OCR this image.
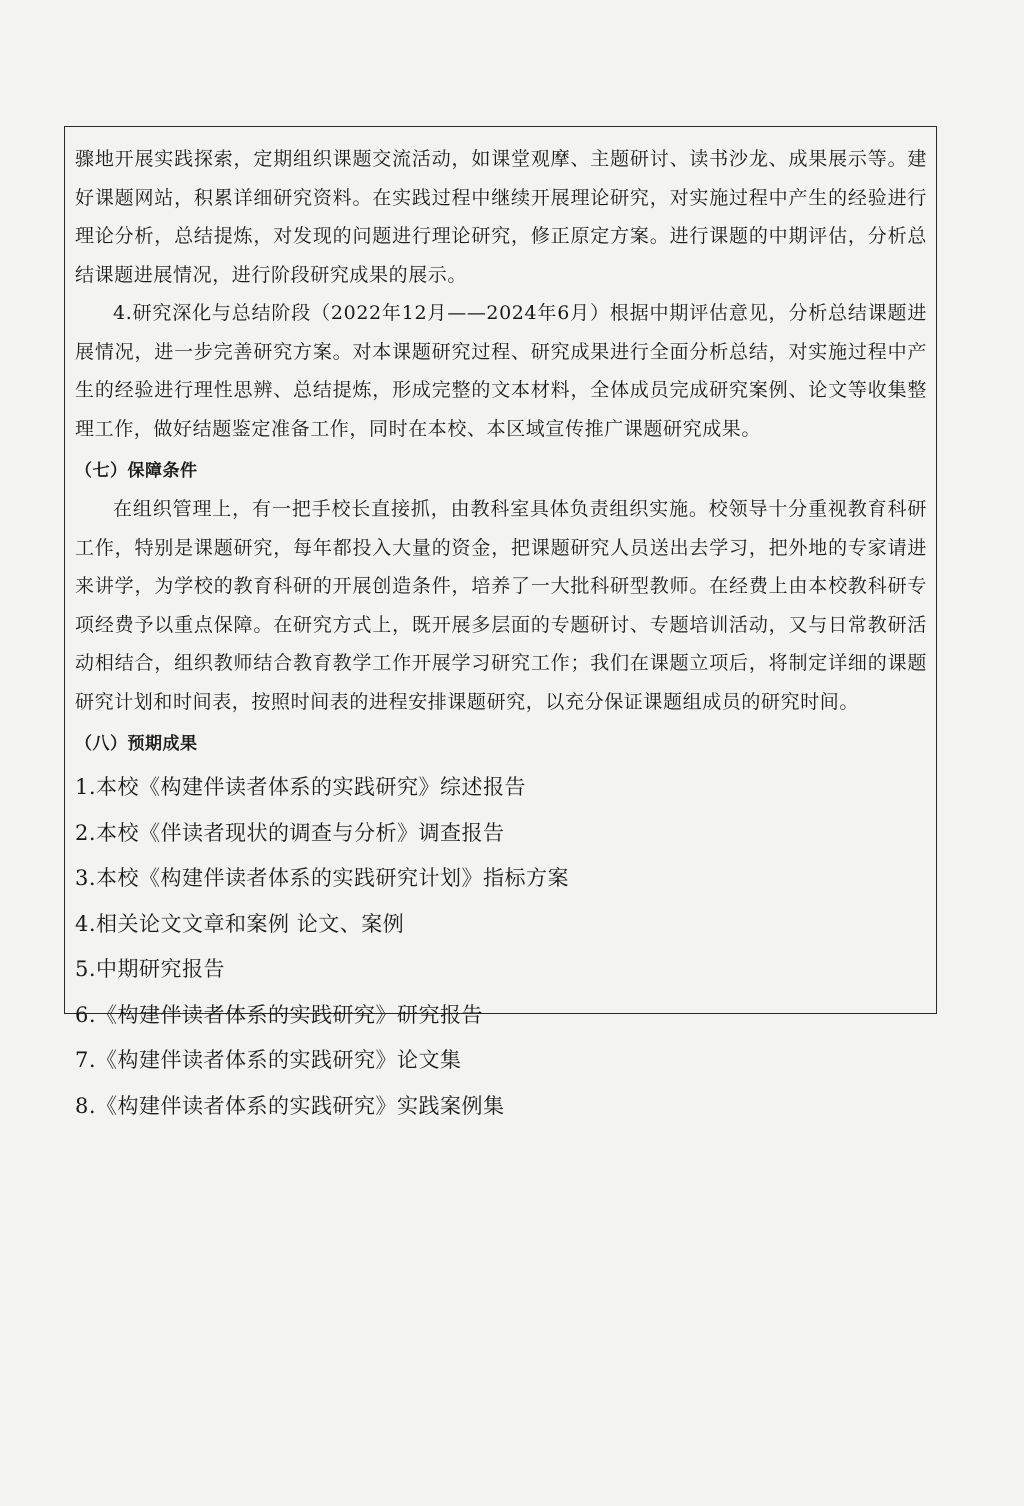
骤地开展实践探索，定期组织课题交流活动，如课堂观摩、主题研讨、读书沙龙、成果展示等。建好课题网站，积累详细研究资料。在实践过程中继续开展理论研究，对实施过程中产生的经验进行理论分析，总结提炼，对发现的问题进行理论研究，修正原定方案。进行课题的中期评估，分析总结课题进展情况，进行阶段研究成果的展示。

4.研究深化与总结阶段（2022年12月——2024年6月）根据中期评估意见，分析总结课题进展情况，进一步完善研究方案。对本课题研究过程、研究成果进行全面分析总结，对实施过程中产生的经验进行理性思辨、总结提炼，形成完整的文本材料，全体成员完成研究案例、论文等收集整理工作，做好结题鉴定准备工作，同时在本校、本区域宣传推广课题研究成果。

（七）保障条件

在组织管理上，有一把手校长直接抓，由教科室具体负责组织实施。校领导十分重视教育科研工作，特别是课题研究，每年都投入大量的资金，把课题研究人员送出去学习，把外地的专家请进来讲学，为学校的教育科研的开展创造条件，培养了一大批科研型教师。在经费上由本校教科研专项经费予以重点保障。在研究方式上，既开展多层面的专题研讨、专题培训活动，又与日常教研活动相结合，组织教师结合教育教学工作开展学习研究工作；我们在课题立项后，将制定详细的课题研究计划和时间表，按照时间表的进程安排课题研究，以充分保证课题组成员的研究时间。

（八）预期成果

1.本校《构建伴读者体系的实践研究》综述报告
2.本校《伴读者现状的调查与分析》调查报告
3.本校《构建伴读者体系的实践研究计划》指标方案
4.相关论文文章和案例 论文、案例
5.中期研究报告
6.《构建伴读者体系的实践研究》研究报告
7.《构建伴读者体系的实践研究》论文集
8.《构建伴读者体系的实践研究》实践案例集
